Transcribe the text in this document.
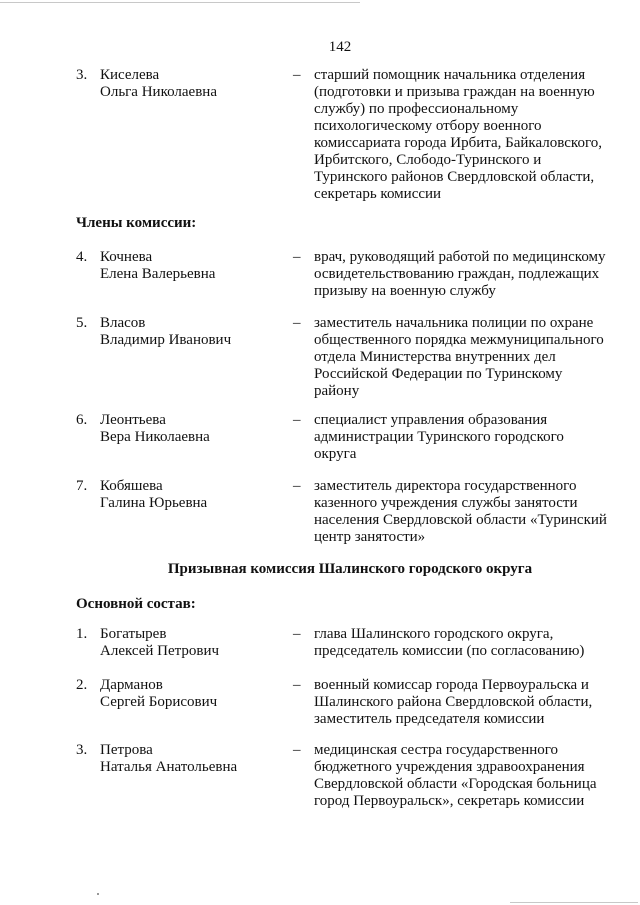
142
3. Киселева
Ольга Николаевна
– старший помощник начальника отделения
(подготовки и призыва граждан на военную
службу) по профессиональному
психологическому отбору военного
комиссариата города Ирбита, Байкаловского,
Ирбитского, Слободо-Туринского и
Туринского районов Свердловской области,
секретарь комиссии
Члены комиссии:
4. Кочнева
Елена Валерьевна
– врач, руководящий работой по медицинскому
освидетельствованию граждан, подлежащих
призыву на военную службу
5. Власов
Владимир Иванович
– заместитель начальника полиции по охране
общественного порядка межмуниципального
отдела Министерства внутренних дел
Российской Федерации по Туринскому
району
6. Леонтьева
Вера Николаевна
– специалист управления образования
администрации Туринского городского
округа
7. Кобяшева
Галина Юрьевна
– заместитель директора государственного
казенного учреждения службы занятости
населения Свердловской области «Туринский
центр занятости»
Призывная комиссия Шалинского городского округа
Основной состав:
1. Богатырев
Алексей Петрович
– глава Шалинского городского округа,
председатель комиссии (по согласованию)
2. Дарманов
Сергей Борисович
– военный комиссар города Первоуральска и
Шалинского района Свердловской области,
заместитель председателя комиссии
3. Петрова
Наталья Анатольевна
– медицинская сестра государственного
бюджетного учреждения здравоохранения
Свердловской области «Городская больница
город Первоуральск», секретарь комиссии
